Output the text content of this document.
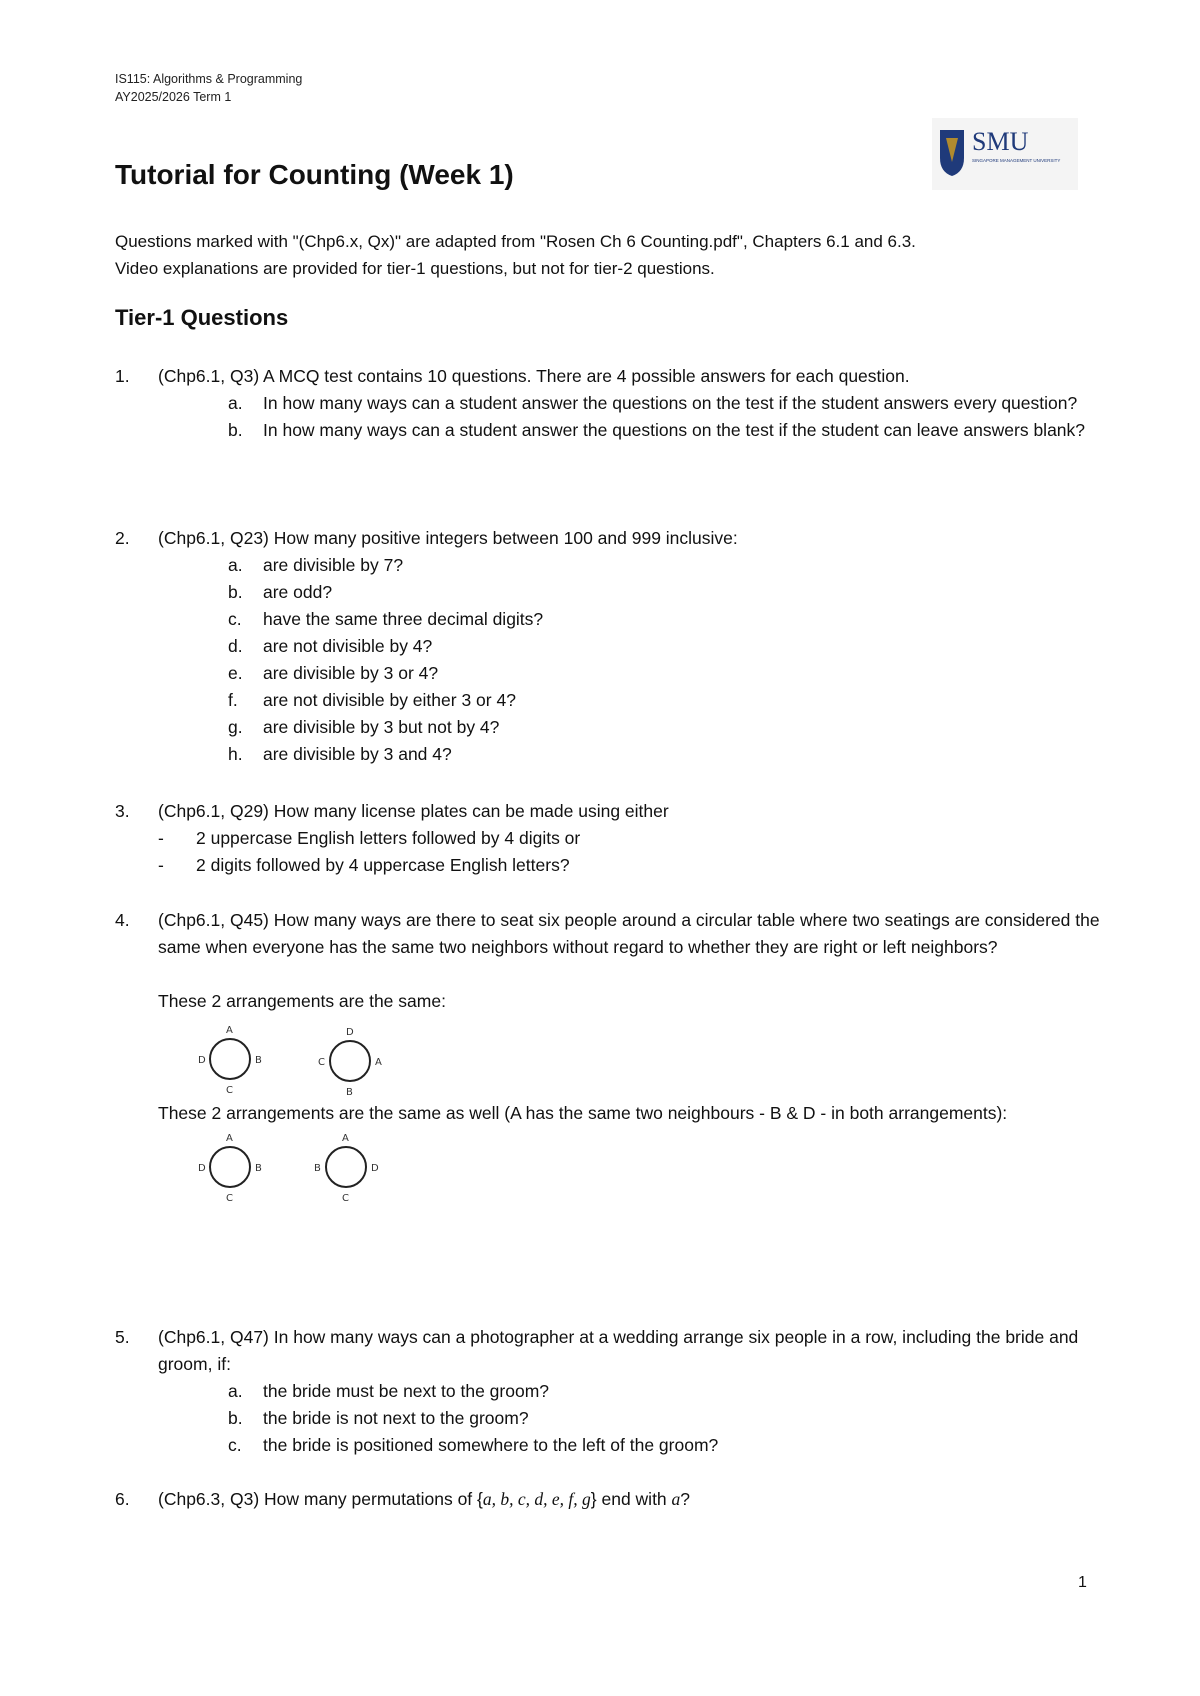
IS115: Algorithms & Programming
AY2025/2026 Term 1
SMU
SINGAPORE MANAGEMENT UNIVERSITY
Tutorial for Counting (Week 1)
Questions marked with "(Chp6.x, Qx)" are adapted from "Rosen Ch 6 Counting.pdf", Chapters 6.1 and 6.3.
Video explanations are provided for tier-1 questions, but not for tier-2 questions.
Tier-1 Questions
1.	(Chp6.1, Q3) A MCQ test contains 10 questions. There are 4 possible answers for each question.
a. In how many ways can a student answer the questions on the test if the student answers every question?
b. In how many ways can a student answer the questions on the test if the student can leave answers blank?
2.	(Chp6.1, Q23) How many positive integers between 100 and 999 inclusive:
a. are divisible by 7?
b. are odd?
c. have the same three decimal digits?
d. are not divisible by 4?
e. are divisible by 3 or 4?
f. are not divisible by either 3 or 4?
g. are divisible by 3 but not by 4?
h. are divisible by 3 and 4?
3.	(Chp6.1, Q29) How many license plates can be made using either
- 2 uppercase English letters followed by 4 digits or
- 2 digits followed by 4 uppercase English letters?
4.	(Chp6.1, Q45) How many ways are there to seat six people around a circular table where two seatings are considered the same when everyone has the same two neighbors without regard to whether they are right or left neighbors?
These 2 arrangements are the same:
A
B
C
D
D
A
B
C
These 2 arrangements are the same as well (A has the same two neighbours - B & D - in both arrangements):
A
B
C
D
A
D
C
B
5.	(Chp6.1, Q47) In how many ways can a photographer at a wedding arrange six people in a row, including the bride and groom, if:
a. the bride must be next to the groom?
b. the bride is not next to the groom?
c. the bride is positioned somewhere to the left of the groom?
6.	(Chp6.3, Q3) How many permutations of {a, b, c, d, e, f, g} end with a?
1
